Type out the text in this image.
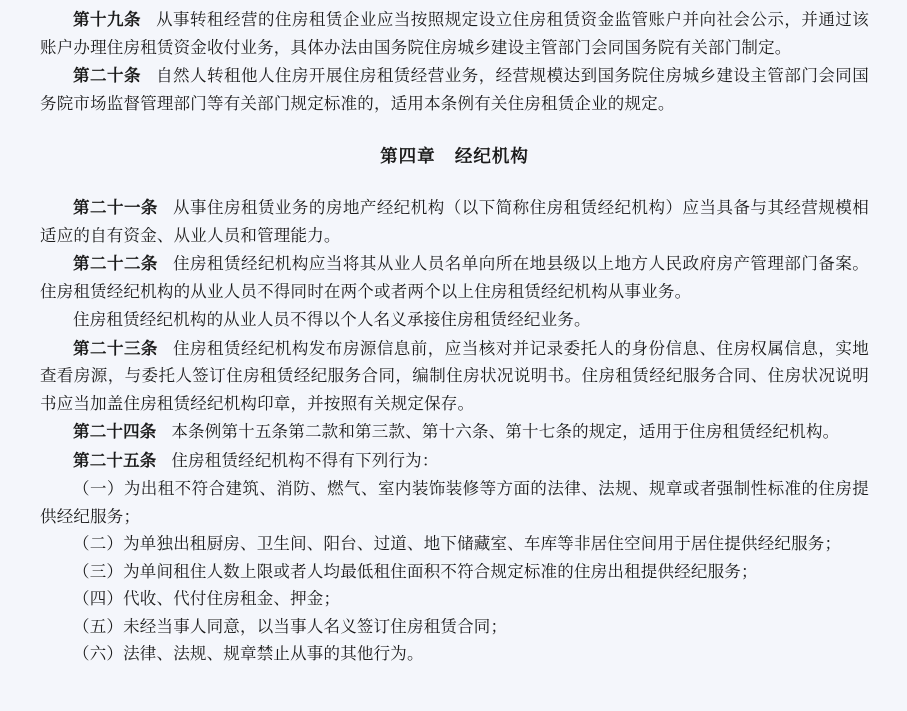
第十九条 从事转租经营的住房租赁企业应当按照规定设立住房租赁资金监管账户并向社会公示，并通过该账户办理住房租赁资金收付业务，具体办法由国务院住房城乡建设主管部门会同国务院有关部门制定。

第二十条 自然人转租他人住房开展住房租赁经营业务，经营规模达到国务院住房城乡建设主管部门会同国务院市场监督管理部门等有关部门规定标准的，适用本条例有关住房租赁企业的规定。

第四章 经纪机构

第二十一条 从事住房租赁业务的房地产经纪机构（以下简称住房租赁经纪机构）应当具备与其经营规模相适应的自有资金、从业人员和管理能力。

第二十二条 住房租赁经纪机构应当将其从业人员名单向所在地县级以上地方人民政府房产管理部门备案。住房租赁经纪机构的从业人员不得同时在两个或者两个以上住房租赁经纪机构从事业务。

住房租赁经纪机构的从业人员不得以个人名义承接住房租赁经纪业务。

第二十三条 住房租赁经纪机构发布房源信息前，应当核对并记录委托人的身份信息、住房权属信息，实地查看房源，与委托人签订住房租赁经纪服务合同，编制住房状况说明书。住房租赁经纪服务合同、住房状况说明书应当加盖住房租赁经纪机构印章，并按照有关规定保存。

第二十四条 本条例第十五条第二款和第三款、第十六条、第十七条的规定，适用于住房租赁经纪机构。

第二十五条 住房租赁经纪机构不得有下列行为：

（一）为出租不符合建筑、消防、燃气、室内装饰装修等方面的法律、法规、规章或者强制性标准的住房提供经纪服务；

（二）为单独出租厨房、卫生间、阳台、过道、地下储藏室、车库等非居住空间用于居住提供经纪服务；

（三）为单间租住人数上限或者人均最低租住面积不符合规定标准的住房出租提供经纪服务；

（四）代收、代付住房租金、押金；

（五）未经当事人同意，以当事人名义签订住房租赁合同；

（六）法律、法规、规章禁止从事的其他行为。
